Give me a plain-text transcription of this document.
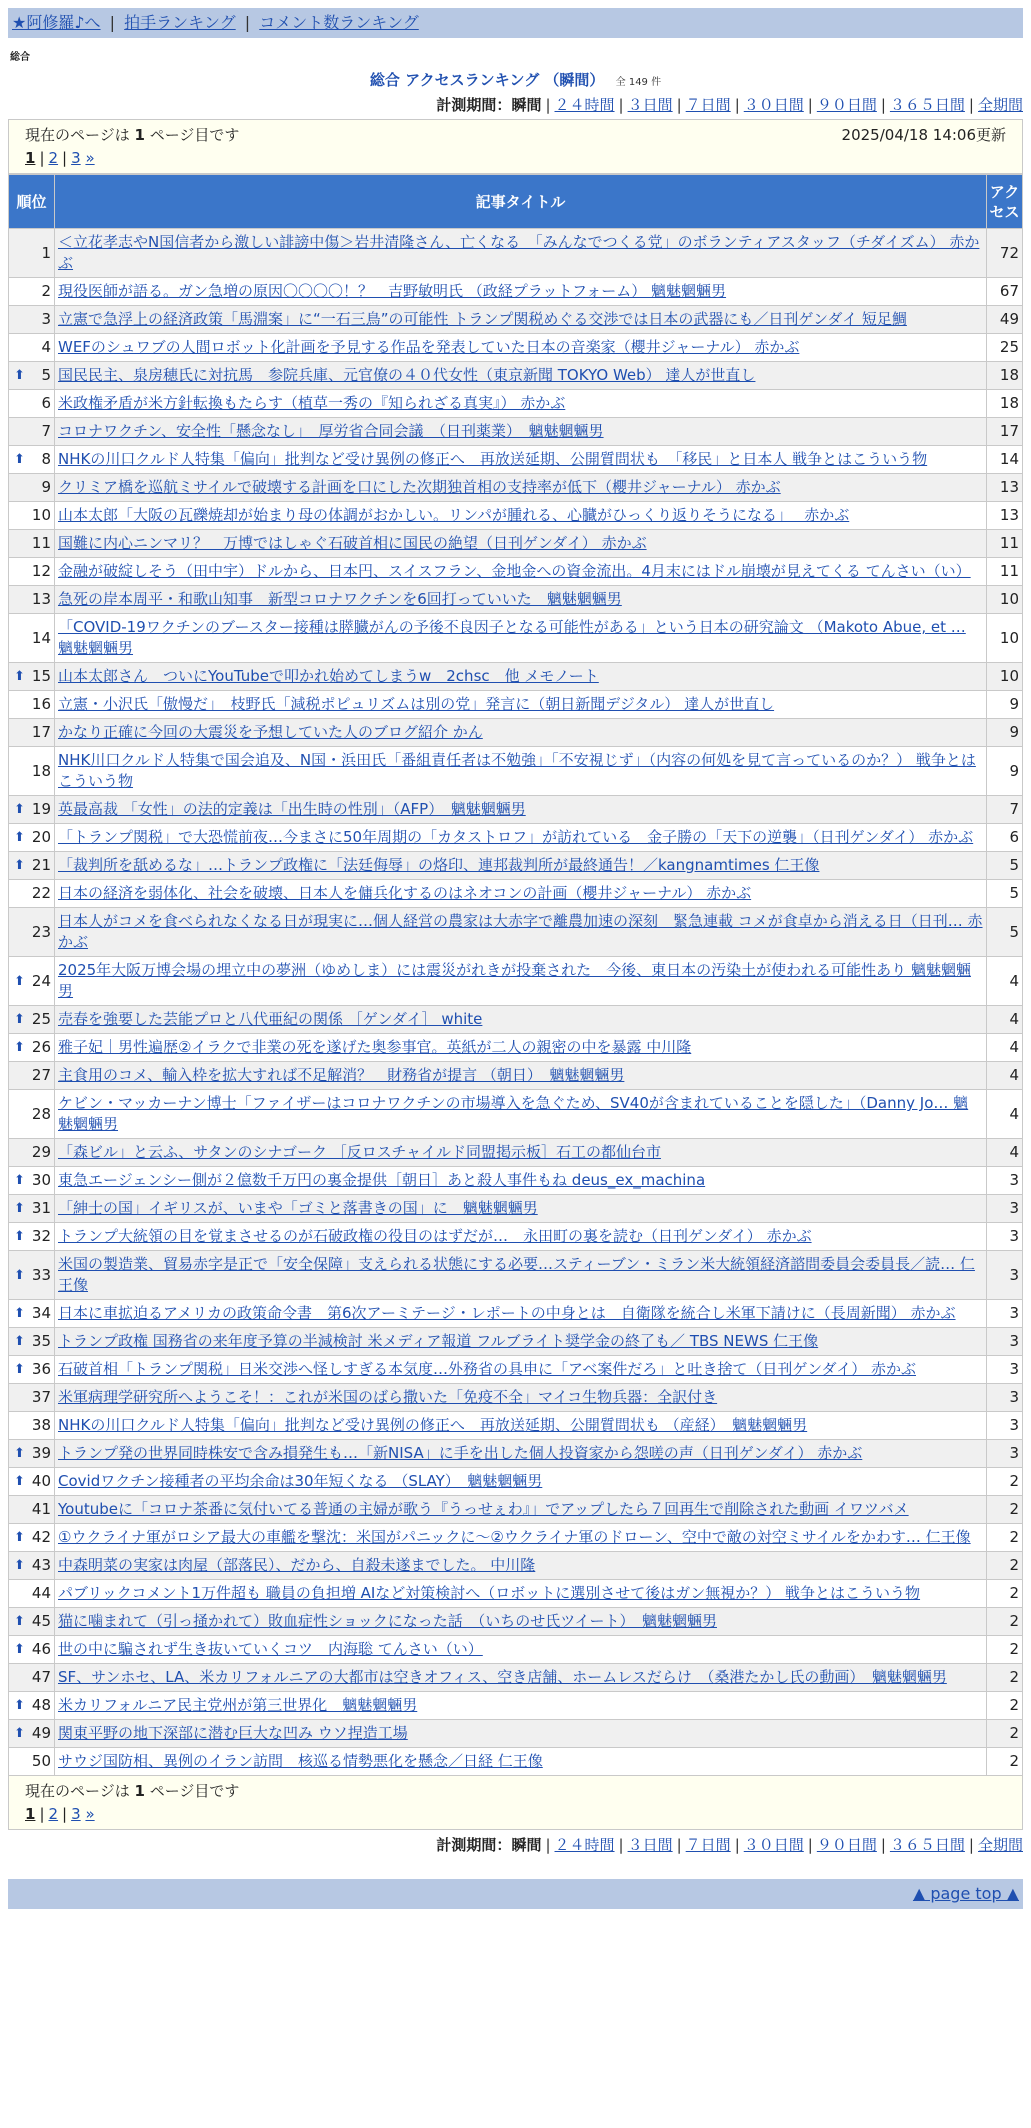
★阿修羅♪へ | 拍手ランキング | コメント数ランキング
総合
総合 アクセスランキング （瞬間） 全 149 件
計測期間：瞬間 | ２４時間 | ３日間 | ７日間 | ３０日間 | ９０日間 | ３６５日間 | 全期間
現在のページは 1 ページ目です	2025/04/18 14:06更新
1 | 2 | 3 »
順位	記事タイトル	アクセス
1	＜立花孝志やN国信者から激しい誹謗中傷＞岩井清隆さん、亡くなる　「みんなでつくる党」のボランティアスタッフ（チダイズム） 赤かぶ	72
2	現役医師が語る。ガン急増の原因〇〇〇〇！？　吉野敏明氏 （政経プラットフォーム） 魑魅魍魎男	67
3	立憲で急浮上の経済政策「馬淵案」に“一石三鳥”の可能性 トランプ関税めぐる交渉では日本の武器にも／日刊ゲンダイ 短足鯛	49
4	WEFのシュワブの人間ロボット化計画を予見する作品を発表していた日本の音楽家（櫻井ジャーナル） 赤かぶ	25

⬆ 5	国民民主、泉房穂氏に対抗馬　参院兵庫、元官僚の４０代女性（東京新聞 TOKYO Web） 達人が世直し	18
6	米政権矛盾が米方針転換もたらす（植草一秀の『知られざる真実』） 赤かぶ	18
7	コロナワクチン、安全性「懸念なし」　厚労省合同会議　（日刊薬業）　魑魅魍魎男	17

⬆ 8	NHKの川口クルド人特集「偏向」批判など受け異例の修正へ　再放送延期、公開質問状も　「移民」と日本人 戦争とはこういう物	14
9	クリミア橋を巡航ミサイルで破壊する計画を口にした次期独首相の支持率が低下（櫻井ジャーナル） 赤かぶ	13
10	山本太郎「大阪の瓦礫焼却が始まり母の体調がおかしい。リンパが腫れる、心臓がひっくり返りそうになる」　 赤かぶ	13
11	国難に内心ニンマリ？　万博ではしゃぐ石破首相に国民の絶望（日刊ゲンダイ） 赤かぶ	11
12	金融が破綻しそう（田中宇）ドルから、日本円、スイスフラン、金地金への資金流出。4月末にはドル崩壊が見えてくる てんさい（い）	11
13	急死の岸本周平・和歌山知事　新型コロナワクチンを6回打っていいた　魑魅魍魎男	10
14	「COVID-19ワクチンのブースター接種は膵臓がんの予後不良因子となる可能性がある」という日本の研究論文 （Makoto Abue, et … 魑魅魍魎男	10

⬆ 15	山本太郎さん　ついにYouTubeで叩かれ始めてしまうw　2chsc　他 メモノート	10
16	立憲・小沢氏「傲慢だ」　枝野氏「減税ポピュリズムは別の党」発言に（朝日新聞デジタル） 達人が世直し	9
17	かなり正確に今回の大震災を予想していた人のブログ紹介 かん	9
18	NHK川口クルド人特集で国会追及、N国・浜田氏「番組責任者は不勉強」「不安視じず」（内容の何処を見て言っているのか？） 戦争とはこういう物	9

⬆ 19	英最高裁 「女性」の法的定義は「出生時の性別」（AFP）　魑魅魍魎男	7

⬆ 20	「トランプ関税」で大恐慌前夜…今まさに50年周期の「カタストロフ」が訪れている　金子勝の「天下の逆襲」（日刊ゲンダイ） 赤かぶ	6

⬆ 21	「裁判所を舐めるな」…トランプ政権に「法廷侮辱」の烙印、連邦裁判所が最終通告！／kangnamtimes 仁王像	5
22	日本の経済を弱体化、社会を破壊、日本人を傭兵化するのはネオコンの計画（櫻井ジャーナル） 赤かぶ	5
23	日本人がコメを食べられなくなる日が現実に…個人経営の農家は大赤字で離農加速の深刻　緊急連載 コメが食卓から消える日（日刊… 赤かぶ	5

⬆ 24	2025年大阪万博会場の埋立中の夢洲（ゆめしま）には震災がれきが投棄された　今後、東日本の汚染土が使われる可能性あり 魑魅魍魎男	4

⬆ 25	売春を強要した芸能プロと八代亜紀の関係 ［ゲンダイ］ white	4

⬆ 26	雅子妃｜男性遍歴②イラクで非業の死を遂げた奥参事官。英紙が二人の親密の中を暴露 中川隆	4
27	主食用のコメ、輸入枠を拡大すれば不足解消？　財務省が提言 （朝日）　魑魅魍魎男	4
28	ケビン・マッカーナン博士「ファイザーはコロナワクチンの市場導入を急ぐため、SV40が含まれていることを隠した」（Danny Jo… 魑魅魍魎男	4
29	「森ビル」と云ふ、サタンのシナゴーク ［反ロスチャイルド同盟掲示板］石工の都仙台市	4

⬆ 30	東急エージェンシー側が２億数千万円の裏金提供［朝日］あと殺人事件もね deus_ex_machina	3

⬆ 31	「紳士の国」イギリスが、いまや「ゴミと落書きの国」に　魑魅魍魎男	3

⬆ 32	トランプ大統領の目を覚まさせるのが石破政権の役目のはずだが…　永田町の裏を読む（日刊ゲンダイ） 赤かぶ	3

⬆ 33	米国の製造業、貿易赤字是正で「安全保障」支えられる状態にする必要…スティーブン・ミラン米大統領経済諮問委員会委員長／読… 仁王像	3

⬆ 34	日本に車拡迫るアメリカの政策命令書　第6次アーミテージ・レポートの中身とは　自衛隊を統合し米軍下請けに（長周新聞） 赤かぶ	3

⬆ 35	トランプ政権 国務省の来年度予算の半減検討 米メディア報道 フルブライト奨学金の終了も／ TBS NEWS 仁王像	3

⬆ 36	石破首相「トランプ関税」日米交渉へ怪しすぎる本気度…外務省の具申に「アベ案件だろ」と吐き捨て（日刊ゲンダイ） 赤かぶ	3
37	米軍病理学研究所へようこそ！：これが米国のばら撒いた「免疫不全」マイコ生物兵器：全訳付き	3
38	NHKの川口クルド人特集「偏向」批判など受け異例の修正へ　再放送延期、公開質問状も （産経）　魑魅魍魎男	3

⬆ 39	トランプ発の世界同時株安で含み損発生も…「新NISA」に手を出した個人投資家から怨嗟の声（日刊ゲンダイ） 赤かぶ	3

⬆ 40	Covidワクチン接種者の平均余命は30年短くなる （SLAY）　魑魅魍魎男	2
41	Youtubeに「コロナ茶番に気付いてる普通の主婦が歌う『うっせぇわ』」でアップしたら７回再生で削除された動画 イワツバメ	2

⬆ 42	①ウクライナ軍がロシア最大の車艦を撃沈：米国がパニックに～②ウクライナ軍のドローン、空中で敵の対空ミサイルをかわす… 仁王像	2

⬆ 43	中森明菜の実家は肉屋（部落民）、だから、自殺未遂までした。 中川隆	2
44	パブリックコメント1万件超も 職員の負担増 AIなど対策検討へ（ロボットに選別させて後はガン無視か？） 戦争とはこういう物	2

⬆ 45	猫に噛まれて（引っ掻かれて）敗血症性ショックになった話　（いちのせ氏ツイート）　魑魅魍魎男	2

⬆ 46	世の中に騙されず生き抜いていくコツ　内海聡 てんさい（い）	2
47	SF、サンホセ、LA、米カリフォルニアの大都市は空きオフィス、空き店舗、ホームレスだらけ　（桑港たかし氏の動画）　魑魅魍魎男	2

⬆ 48	米カリフォルニア民主党州が第三世界化　魑魅魍魎男	2

⬆ 49	関東平野の地下深部に潜む巨大な凹み ウソ捏造工場	2
50	サウジ国防相、異例のイラン訪問　核巡る情勢悪化を懸念／日経 仁王像	2
現在のページは 1 ページ目です
1 | 2 | 3 »
計測期間：瞬間 | ２４時間 | ３日間 | ７日間 | ３０日間 | ９０日間 | ３６５日間 | 全期間
▲ page top ▲
